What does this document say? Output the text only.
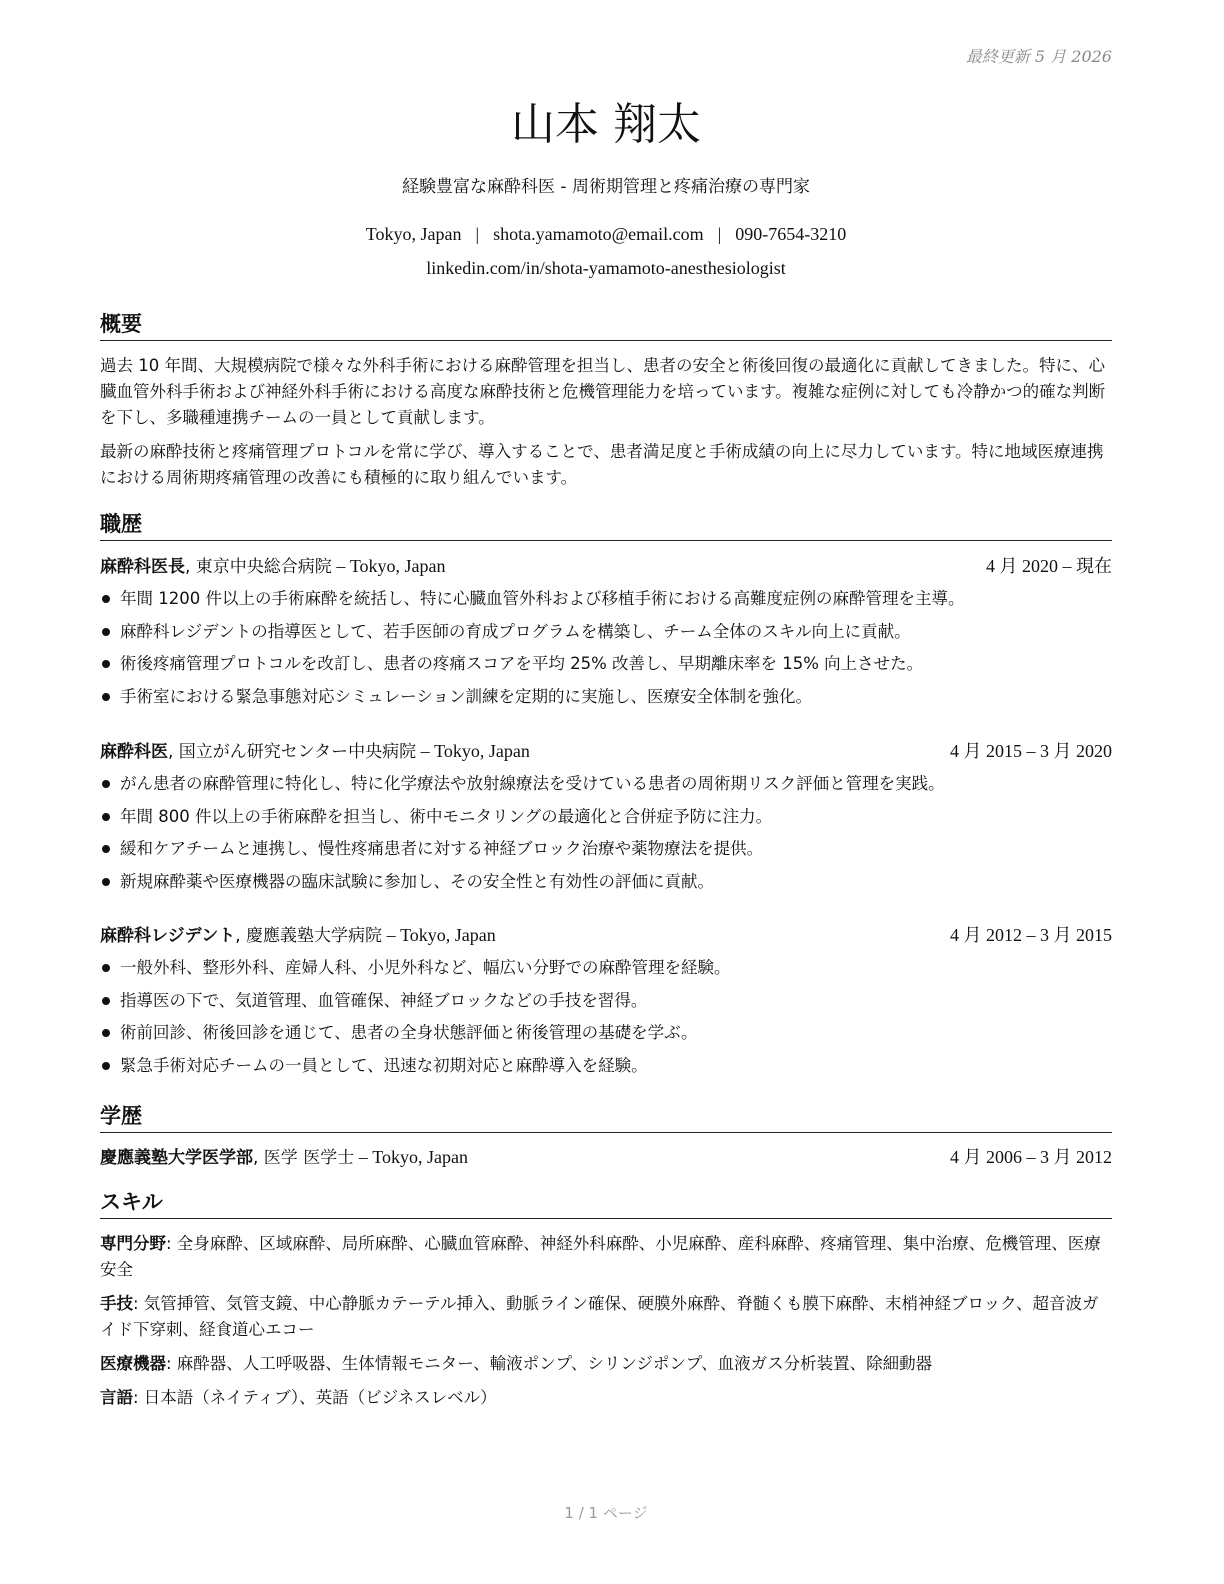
最終更新 5 月 2026
山本 翔太
経験豊富な麻酔科医 - 周術期管理と疼痛治療の専門家
Tokyo, Japan | shota.yamamoto@email.com | 090-7654-3210
linkedin.com/in/shota-yamamoto-anesthesiologist
概要

過去 10 年間、大規模病院で様々な外科手術における麻酔管理を担当し、患者の安全と術後回復の最適化に貢献してきました。特に、心臓血管外科手術および神経外科手術における高度な麻酔技術と危機管理能力を培っています。複雑な症例に対しても冷静かつ的確な判断を下し、多職種連携チームの一員として貢献します。

最新の麻酔技術と疼痛管理プロトコルを常に学び、導入することで、患者満足度と手術成績の向上に尽力しています。特に地域医療連携における周術期疼痛管理の改善にも積極的に取り組んでいます。

職歴
麻酔科医長, 東京中央総合病院 – Tokyo, Japan	4 月 2020 – 現在
年間 1200 件以上の手術麻酔を統括し、特に心臓血管外科および移植手術における高難度症例の麻酔管理を主導。
麻酔科レジデントの指導医として、若手医師の育成プログラムを構築し、チーム全体のスキル向上に貢献。
術後疼痛管理プロトコルを改訂し、患者の疼痛スコアを平均 25% 改善し、早期離床率を 15% 向上させた。
手術室における緊急事態対応シミュレーション訓練を定期的に実施し、医療安全体制を強化。
麻酔科医, 国立がん研究センター中央病院 – Tokyo, Japan	4 月 2015 – 3 月 2020
がん患者の麻酔管理に特化し、特に化学療法や放射線療法を受けている患者の周術期リスク評価と管理を実践。
年間 800 件以上の手術麻酔を担当し、術中モニタリングの最適化と合併症予防に注力。
緩和ケアチームと連携し、慢性疼痛患者に対する神経ブロック治療や薬物療法を提供。
新規麻酔薬や医療機器の臨床試験に参加し、その安全性と有効性の評価に貢献。
麻酔科レジデント, 慶應義塾大学病院 – Tokyo, Japan	4 月 2012 – 3 月 2015
一般外科、整形外科、産婦人科、小児外科など、幅広い分野での麻酔管理を経験。
指導医の下で、気道管理、血管確保、神経ブロックなどの手技を習得。
術前回診、術後回診を通じて、患者の全身状態評価と術後管理の基礎を学ぶ。
緊急手術対応チームの一員として、迅速な初期対応と麻酔導入を経験。
学歴
慶應義塾大学医学部, 医学 医学士 – Tokyo, Japan	4 月 2006 – 3 月 2012
スキル

専門分野: 全身麻酔、区域麻酔、局所麻酔、心臓血管麻酔、神経外科麻酔、小児麻酔、産科麻酔、疼痛管理、集中治療、危機管理、医療安全

手技: 気管挿管、気管支鏡、中心静脈カテーテル挿入、動脈ライン確保、硬膜外麻酔、脊髄くも膜下麻酔、末梢神経ブロック、超音波ガイド下穿刺、経食道心エコー

医療機器: 麻酔器、人工呼吸器、生体情報モニター、輸液ポンプ、シリンジポンプ、血液ガス分析装置、除細動器

言語: 日本語（ネイティブ）、英語（ビジネスレベル）

1 / 1 ページ
